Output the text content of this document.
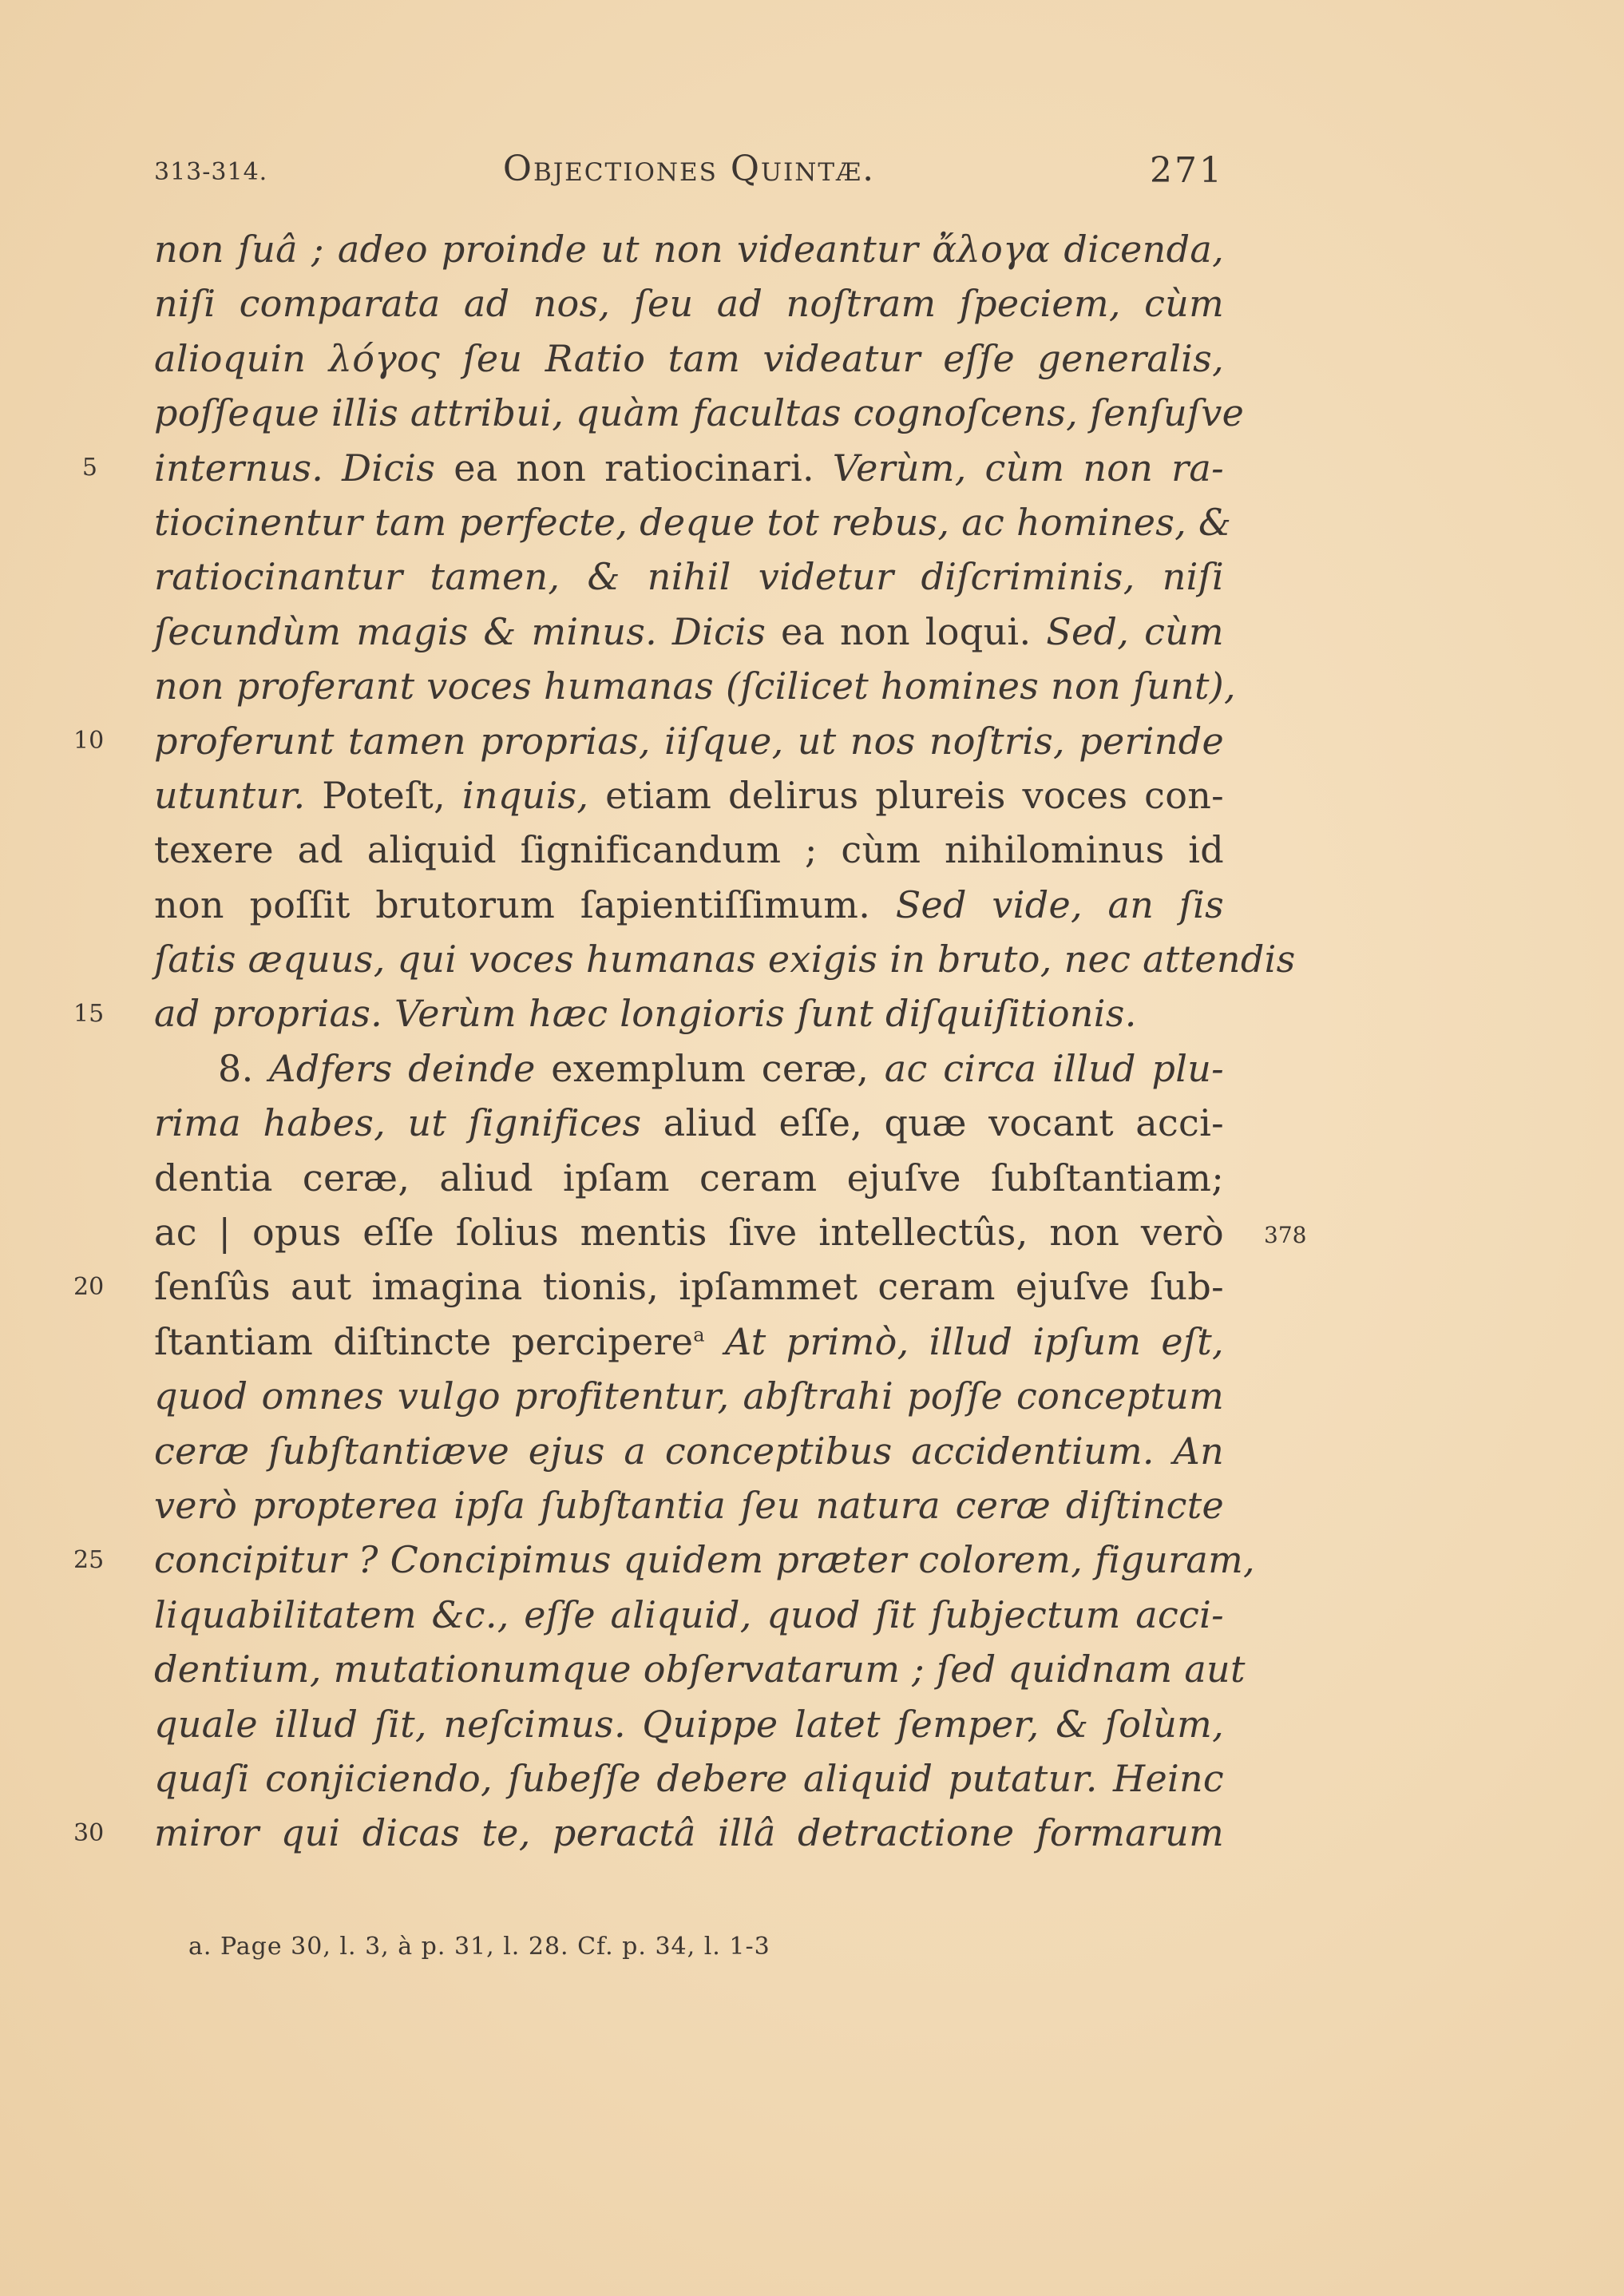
313-314.	Objectiones Quintæ.	271
non ſuâ ; adeo proinde ut non videantur ἄλογα dicenda,
niſi comparata ad nos, ſeu ad noſtram ſpeciem, cùm
alioquin λόγος ſeu Ratio tam videatur eſſe generalis,
poſſeque illis attribui, quàm facultas cognoſcens, ſenſuſve
internus. Dicis ea non ratiocinari. Verùm, cùm non ra-
tiocinentur tam perfecte, deque tot rebus, ac homines, &
ratiocinantur tamen, & nihil videtur diſcriminis, niſi
ſecundùm magis & minus. Dicis ea non loqui. Sed, cùm
non proferant voces humanas (ſcilicet homines non ſunt),
proferunt tamen proprias, iiſque, ut nos noſtris, perinde
utuntur. Poteſt, inquis, etiam delirus plureis voces con-
texere ad aliquid ſignificandum ; cùm nihilominus id
non poſſit brutorum ſapientiſſimum. Sed vide, an ſis
ſatis æquus, qui voces humanas exigis in bruto, nec attendis
ad proprias. Verùm hæc longioris ſunt diſquiſitionis.
8. Adfers deinde exemplum ceræ, ac circa illud plu-
rima habes, ut ſignifices aliud eſſe, quæ vocant acci-
dentia ceræ, aliud ipſam ceram ejuſve ſubſtantiam;
ac | opus eſſe ſolius mentis ſive intellectûs, non verò
ſenſûs aut imagina tionis, ipſammet ceram ejuſve ſub-
ſtantiam diſtincte percipere$^a$ At primò, illud ipſum eſt,
quod omnes vulgo profitentur, abſtrahi poſſe conceptum
ceræ ſubſtantiæve ejus a conceptibus accidentium. An
verò propterea ipſa ſubſtantia ſeu natura ceræ diſtincte
concipitur ? Concipimus quidem præter colorem, figuram,
liquabilitatem &c., eſſe aliquid, quod ſit ſubjectum acci-
dentium, mutationumque obſervatarum ; ſed quidnam aut
quale illud ſit, neſcimus. Quippe latet ſemper, & ſolùm,
quaſi conjiciendo, ſubeſſe debere aliquid putatur. Heinc
miror qui dicas te, peractâ illâ detractione formarum
5
10
15
20
25
30
378
a. Page 30, l. 3, à p. 31, l. 28. Cf. p. 34, l. 1-3
